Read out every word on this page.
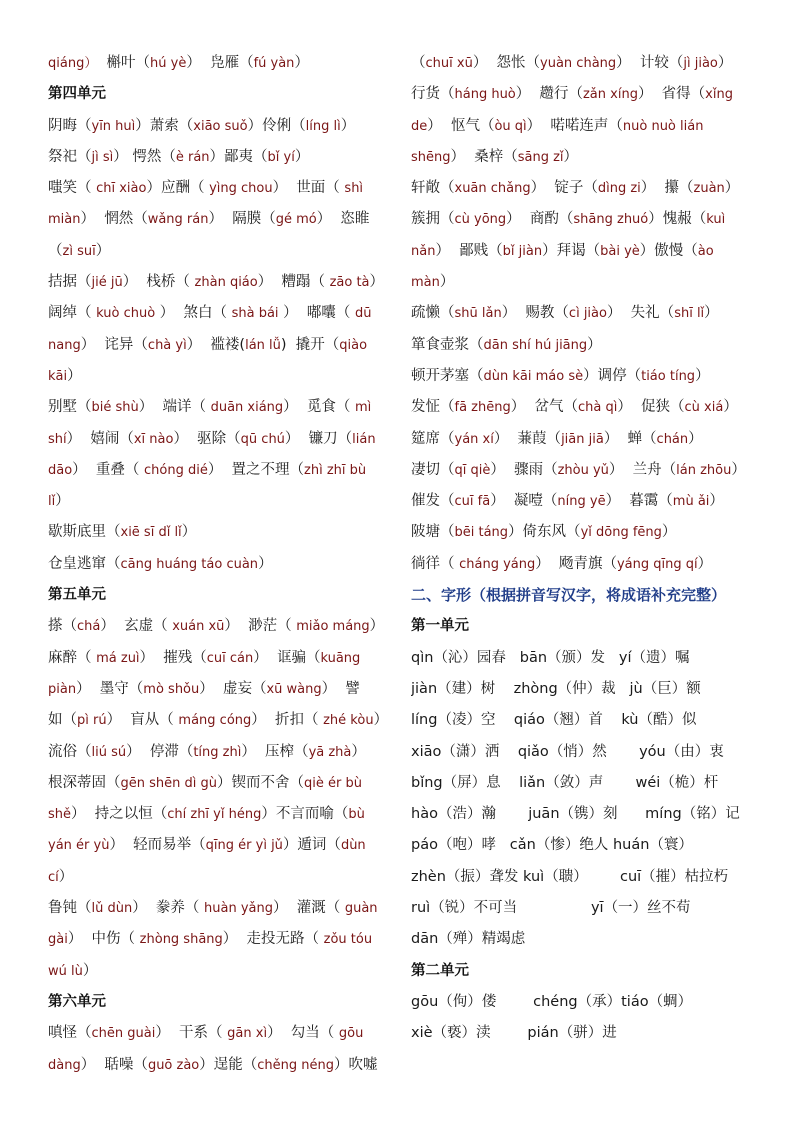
qiáng）  槲叶（hú yè）  凫雁（fú yàn）
第四单元
阴晦（yīn huì）萧索（xiāo suǒ）伶俐（líng lì）
祭祀（jì sì） 愕然（è rán）鄙夷（bǐ yí）
嗤笑（ chī xiào）应酬（ yìng chou）  世面（ shì
miàn）  惘然（wǎng rán）  隔膜（gé mó）  恣睢
（zì suī）
拮据（jié jū）  栈桥（ zhàn qiáo）  糟蹋（ zāo tà）
阔绰（ kuò chuò ）  煞白（ shà bái ）  嘟囔（ dū
nang）  诧异（chà yì）  褴褛(lán lǚ)  撬开（qiào
kāi）
别墅（bié shù）  端详（ duān xiáng）  觅食（ mì
shí）  嬉闹（xī nào）  驱除（qū chú）  镰刀（lián
dāo）  重叠（ chóng dié）  置之不理（zhì zhī bù
lǐ）
歇斯底里（xiē sī dǐ lǐ）
仓皇逃窜（cāng huáng táo cuàn）
第五单元
搽（chá）  玄虚（ xuán xū）  渺茫（ miǎo máng）
麻醉（ má zuì）  摧残（cuī cán）  诓骗（kuāng
piàn）  墨守（mò shǒu）  虚妄（xū wàng）  譬
如（pì rú）  盲从（ máng cóng）  折扣（ zhé kòu）
流俗（liú sú）  停滞（tíng zhì）  压榨（yā zhà）
根深蒂固（gēn shēn dì gù）锲而不舍（qiè ér bù
shě）  持之以恒（chí zhī yǐ héng）不言而喻（bù
yán ér yù）  轻而易举（qīng ér yì jǔ）遁词（dùn
cí）
鲁钝（lǔ dùn）  豢养（ huàn yǎng）  灌溉（ guàn
gài）  中伤（ zhòng shāng）  走投无路（ zǒu tóu
wú lù）
第六单元
嗔怪（chēn guài）  干系（ gān xì）  勾当（ gōu
dàng）  聒噪（guō zào）逞能（chěng néng）吹嘘
（chuī xū）  怨怅（yuàn chàng）  计较（jì jiào）
行货（háng huò）  趱行（zǎn xíng）  省得（xǐng
de）  怄气（òu qì）  喏喏连声（nuò nuò lián
shēng）  桑梓（sāng zǐ）
轩敞（xuān chǎng）  锭子（dìng zi）  攥（zuàn）
簇拥（cù yōng）  商酌（shāng zhuó）愧赧（kuì
nǎn）  鄙贱（bǐ jiàn）拜谒（bài yè）傲慢（ào
màn）
疏懒（shū lǎn）  赐教（cì jiào）  失礼（shī lǐ）
箪食壶浆（dān shí hú jiāng）
顿开茅塞（dùn kāi máo sè）调停（tiáo tíng）
发怔（fā zhēng）  岔气（chà qì）  促狭（cù xiá）
筵席（yán xí）  蒹葭（jiān jiā）  蝉（chán）
凄切（qī qiè）  骤雨（zhòu yǔ）  兰舟（lán zhōu）
催发（cuī fā）  凝噎（níng yē）  暮霭（mù ǎi）
陂塘（bēi táng）倚东风（yǐ dōng fēng）
徜徉（ cháng yáng）  飏青旗（yáng qīng qí）
二、字形（根据拼音写汉字，将成语补充完整）
第一单元
qìn（沁）园春   bān（颁）发   yí（遗）嘱
jiàn（建）树    zhòng（仲）裁   jù（巨）额
líng（凌）空    qiáo（翘）首    kù（酷）似
xiāo（潇）洒    qiǎo（悄）然       yóu（由）衷
bǐng（屏）息    liǎn（敛）声       wéi（桅）杆
hào（浩）瀚       juān（镌）刻      míng（铭）记
páo（咆）哮   cǎn（惨）绝人 huán（寰）
zhèn（振）聋发 kuì（聩）       cuī（摧）枯拉朽
ruì（锐）不可当                yī（一）丝不苟
dān（殚）精竭虑
第二单元
gōu（佝）偻        chéng（承）tiáo（蜩）
xiè（亵）渎        pián（骈）进
